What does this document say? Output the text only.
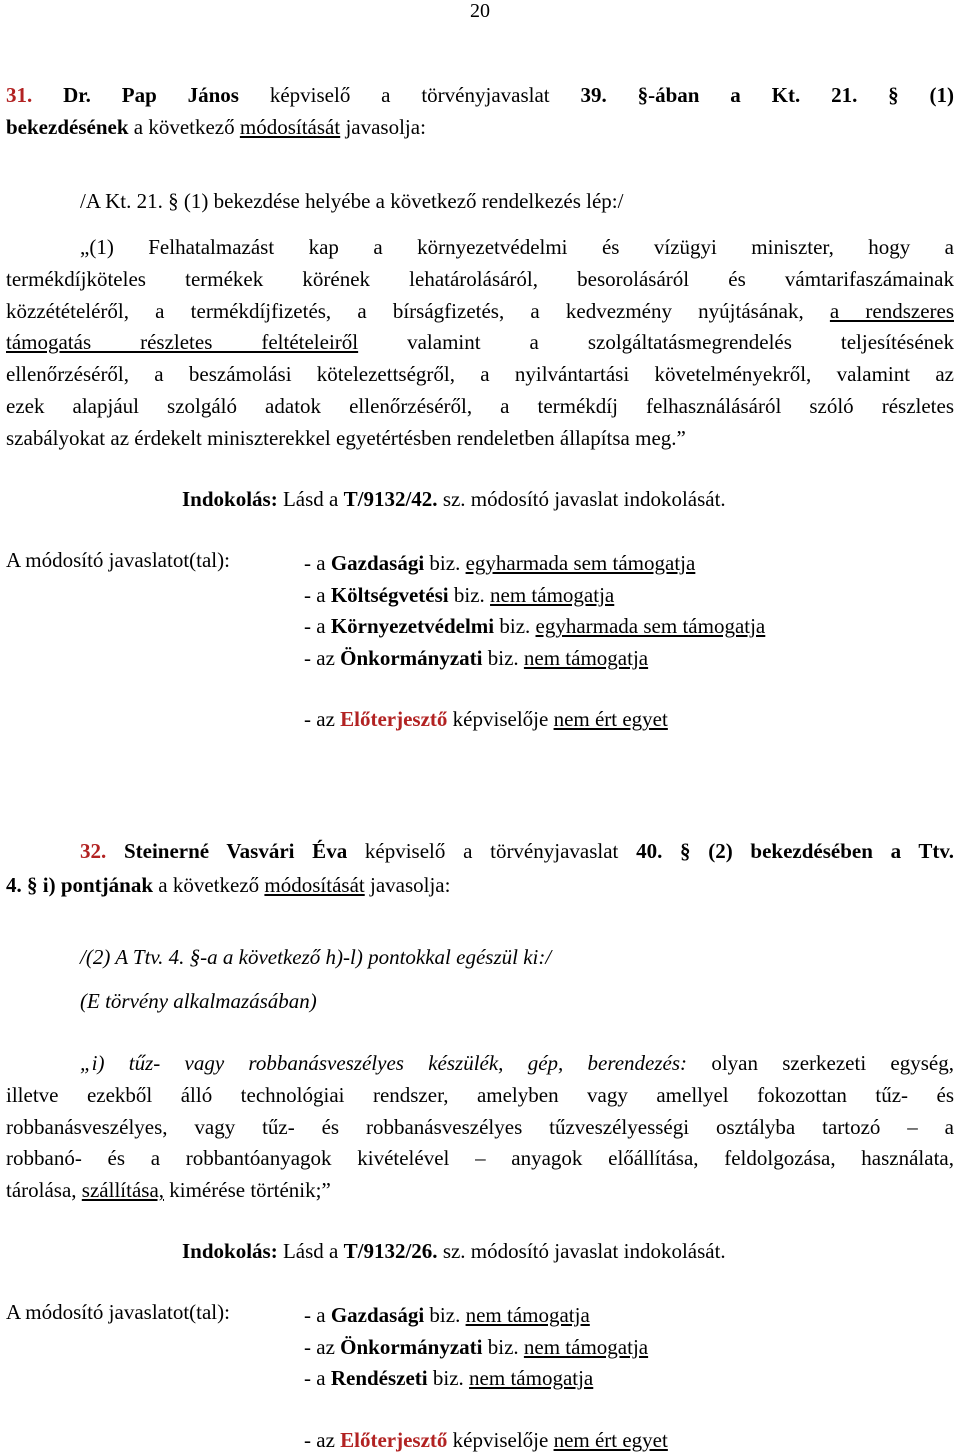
20
31. Dr. Pap János képviselő a törvényjavaslat 39. §-ában a Kt. 21. § (1)
bekezdésének a következő módosítását javasolja:
/A Kt. 21. § (1) bekezdése helyébe a következő rendelkezés lép:/
„(1) Felhatalmazást kap a környezetvédelmi és vízügyi miniszter, hogy a
termékdíjköteles termékek körének lehatárolásáról, besorolásáról és vámtarifaszámainak
közzétételéről, a termékdíjfizetés, a bírságfizetés, a kedvezmény nyújtásának, a rendszeres
támogatás részletes feltételeiről valamint a szolgáltatásmegrendelés teljesítésének
ellenőrzéséről, a beszámolási kötelezettségről, a nyilvántartási követelményekről, valamint az
ezek alapjául szolgáló adatok ellenőrzéséről, a termékdíj felhasználásáról szóló részletes
szabályokat az érdekelt miniszterekkel egyetértésben rendeletben állapítsa meg.”
Indokolás: Lásd a T/9132/42. sz. módosító javaslat indokolását.
A módosító javaslatot(tal):	- a Gazdasági biz. egyharmada sem támogatja
- a Költségvetési biz. nem támogatja
- a Környezetvédelmi biz. egyharmada sem támogatja
- az Önkormányzati biz. nem támogatja
- az Előterjesztő képviselője nem ért egyet
32. Steinerné Vasvári Éva képviselő a törvényjavaslat 40. § (2) bekezdésében a Ttv.
4. § i) pontjának a következő módosítását javasolja:
/(2) A Ttv. 4. §-a a következő h)-l) pontokkal egészül ki:/
(E törvény alkalmazásában)
„i) tűz- vagy robbanásveszélyes készülék, gép, berendezés: olyan szerkezeti egység,
illetve ezekből álló technológiai rendszer, amelyben vagy amellyel fokozottan tűz- és
robbanásveszélyes, vagy tűz- és robbanásveszélyes tűzveszélyességi osztályba tartozó – a
robbanó- és a robbantóanyagok kivételével – anyagok előállítása, feldolgozása, használata,
tárolása, szállítása, kimérése történik;”
Indokolás: Lásd a T/9132/26. sz. módosító javaslat indokolását.
A módosító javaslatot(tal):	- a Gazdasági biz. nem támogatja
- az Önkormányzati biz. nem támogatja
- a Rendészeti biz. nem támogatja
- az Előterjesztő képviselője nem ért egyet
